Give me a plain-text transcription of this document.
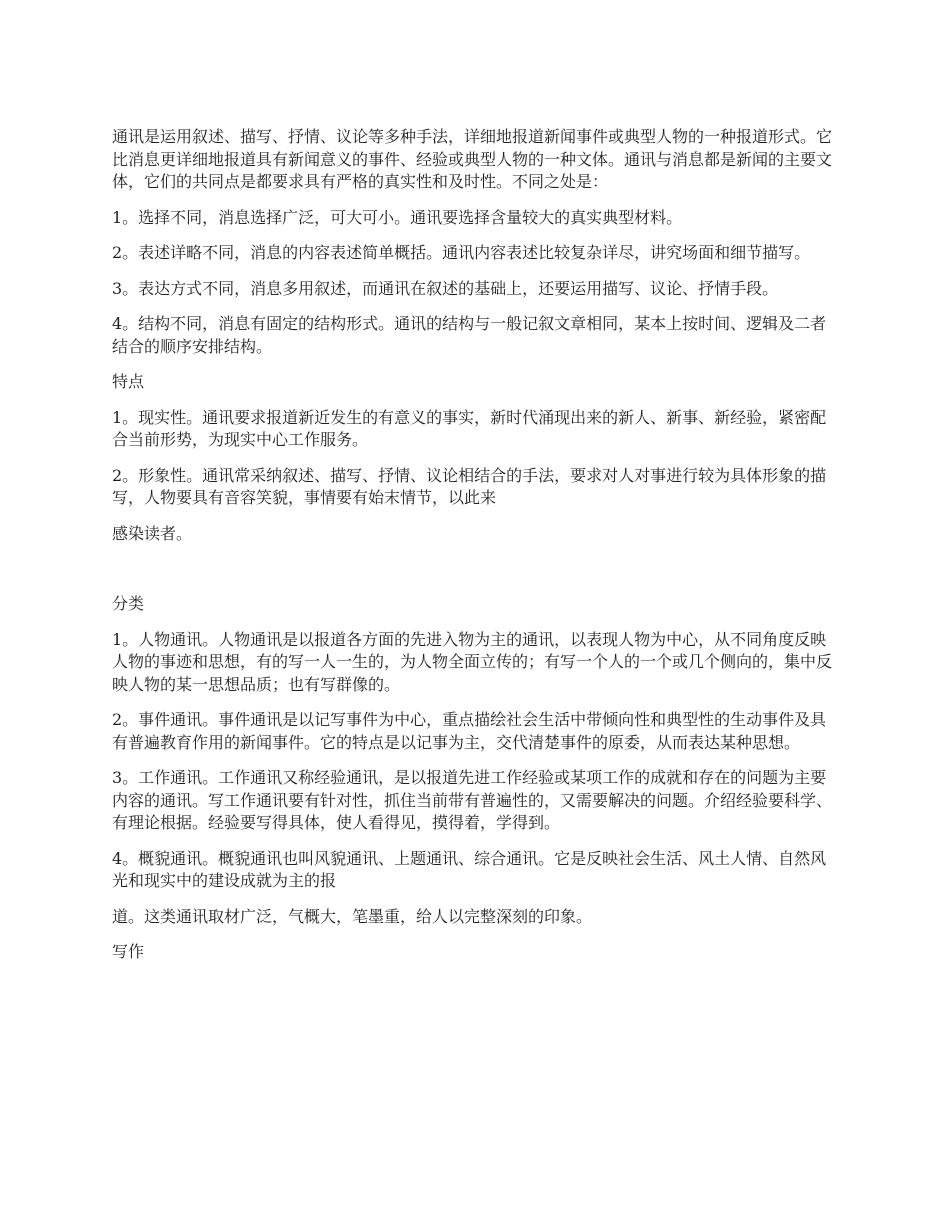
通讯是运用叙述、描写、抒情、议论等多种手法，详细地报道新闻事件或典型人物的一种报道形式。它比消息更详细地报道具有新闻意义的事件、经验或典型人物的一种文体。通讯与消息都是新闻的主要文体，它们的共同点是都要求具有严格的真实性和及时性。不同之处是：

1。选择不同，消息选择广泛，可大可小。通讯要选择含量较大的真实典型材料。

2。表述详略不同，消息的内容表述简单概括。通讯内容表述比较复杂详尽，讲究场面和细节描写。

3。表达方式不同，消息多用叙述，而通讯在叙述的基础上，还要运用描写、议论、抒情手段。

4。结构不同，消息有固定的结构形式。通讯的结构与一般记叙文章相同，某本上按时间、逻辑及二者结合的顺序安排结构。

特点

1。现实性。通讯要求报道新近发生的有意义的事实，新时代涌现出来的新人、新事、新经验，紧密配合当前形势，为现实中心工作服务。

2。形象性。通讯常采纳叙述、描写、抒情、议论相结合的手法，要求对人对事进行较为具体形象的描写，人物要具有音容笑貌，事情要有始末情节，以此来

感染读者。

分类

1。人物通讯。人物通讯是以报道各方面的先进入物为主的通讯，以表现人物为中心，从不同角度反映人物的事迹和思想，有的写一人一生的，为人物全面立传的；有写一个人的一个或几个侧向的，集中反映人物的某一思想品质；也有写群像的。

2。事件通讯。事件通讯是以记写事件为中心，重点描绘社会生活中带倾向性和典型性的生动事件及具有普遍教育作用的新闻事件。它的特点是以记事为主，交代清楚事件的原委，从而表达某种思想。

3。工作通讯。工作通讯又称经验通讯，是以报道先进工作经验或某项工作的成就和存在的问题为主要内容的通讯。写工作通讯要有针对性，抓住当前带有普遍性的，又需要解决的问题。介绍经验要科学、有理论根据。经验要写得具体，使人看得见，摸得着，学得到。

4。概貌通讯。概貌通讯也叫风貌通讯、上题通讯、综合通讯。它是反映社会生活、风土人情、自然风光和现实中的建设成就为主的报

道。这类通讯取材广泛，气概大，笔墨重，给人以完整深刻的印象。

写作
